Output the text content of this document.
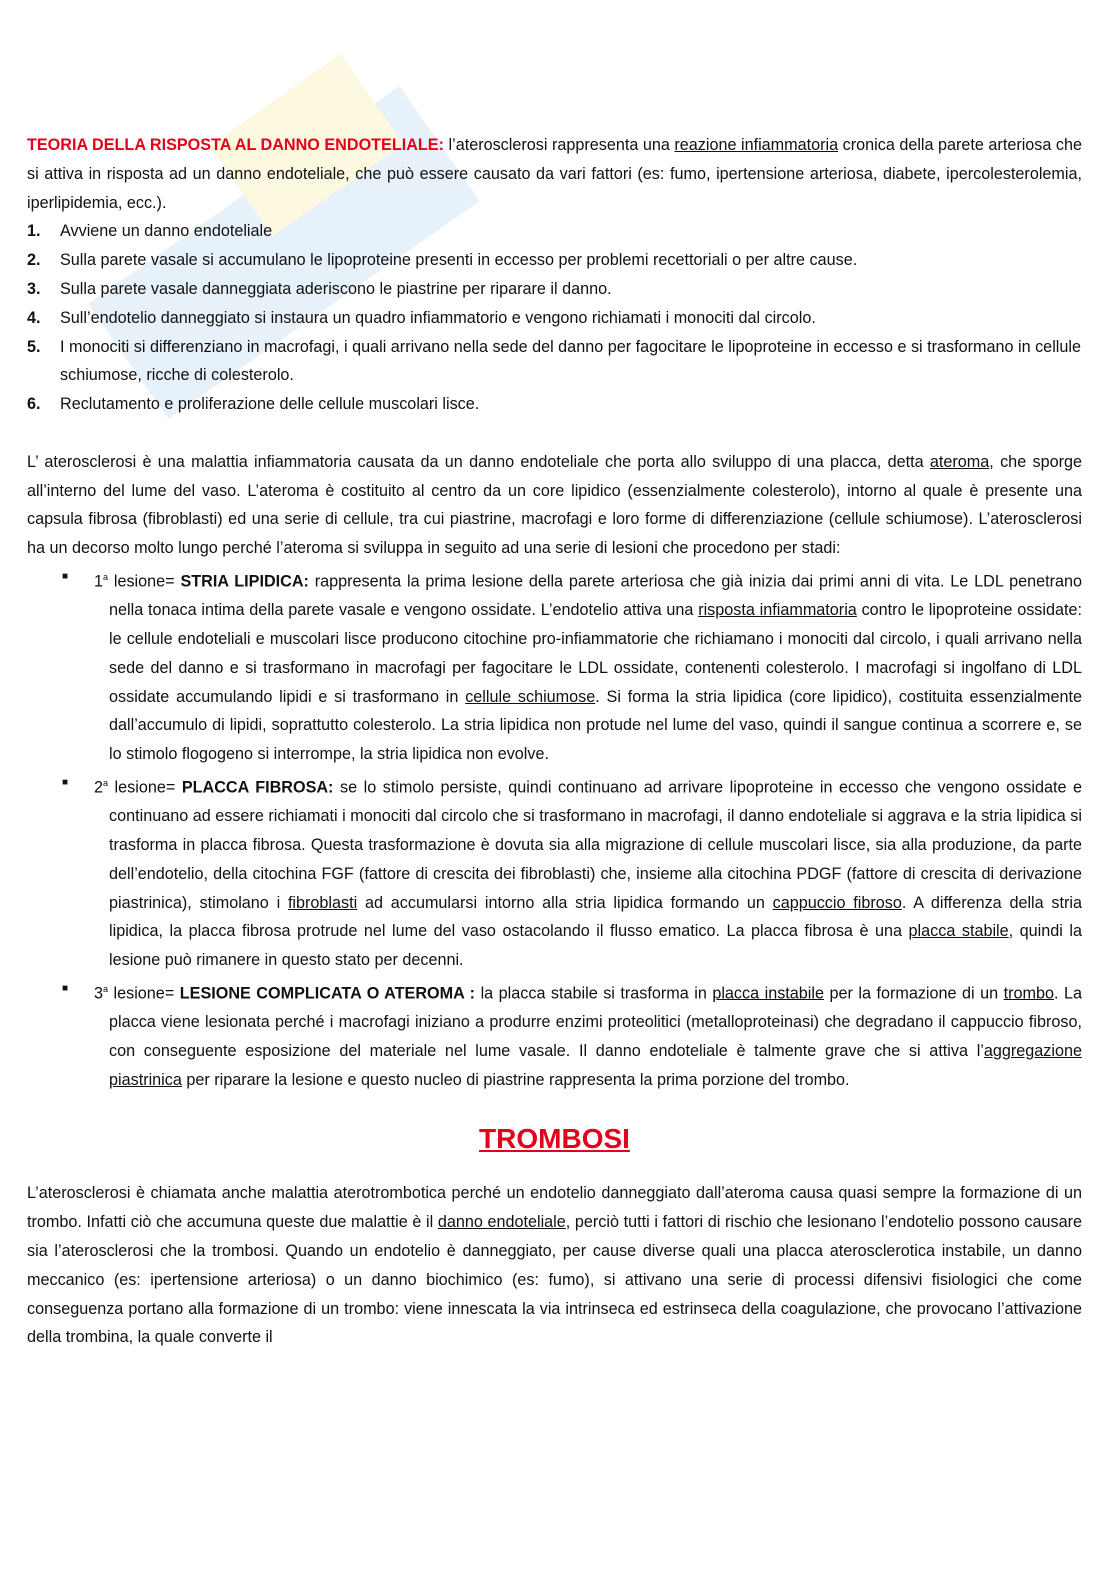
TEORIA DELLA RISPOSTA AL DANNO ENDOTELIALE: l’aterosclerosi rappresenta una reazione infiammatoria cronica della parete arteriosa che si attiva in risposta ad un danno endoteliale, che può essere causato da vari fattori (es: fumo, ipertensione arteriosa, diabete, ipercolesterolemia, iperlipidemia, ecc.).

1. Avviene un danno endoteliale
2. Sulla parete vasale si accumulano le lipoproteine presenti in eccesso per problemi recettoriali o per altre cause.
3. Sulla parete vasale danneggiata aderiscono le piastrine per riparare il danno.
4. Sull’endotelio danneggiato si instaura un quadro infiammatorio e vengono richiamati i monociti dal circolo.
5. I monociti si differenziano in macrofagi, i quali arrivano nella sede del danno per fagocitare le lipoproteine in eccesso e si trasformano in cellule schiumose, ricche di colesterolo.
6. Reclutamento e proliferazione delle cellule muscolari lisce.

L’ aterosclerosi è una malattia infiammatoria causata da un danno endoteliale che porta allo sviluppo di una placca, detta ateroma, che sporge all’interno del lume del vaso. L’ateroma è costituito al centro da un core lipidico (essenzialmente colesterolo), intorno al quale è presente una capsula fibrosa (fibroblasti) ed una serie di cellule, tra cui piastrine, macrofagi e loro forme di differenziazione (cellule schiumose). L’aterosclerosi ha un decorso molto lungo perché l’ateroma si sviluppa in seguito ad una serie di lesioni che procedono per stadi:

■ 1$^a$ lesione= STRIA LIPIDICA: rappresenta la prima lesione della parete arteriosa che già inizia dai primi anni di vita. Le LDL penetrano nella tonaca intima della parete vasale e vengono ossidate. L’endotelio attiva una risposta infiammatoria contro le lipoproteine ossidate: le cellule endoteliali e muscolari lisce producono citochine pro-infiammatorie che richiamano i monociti dal circolo, i quali arrivano nella sede del danno e si trasformano in macrofagi per fagocitare le LDL ossidate, contenenti colesterolo. I macrofagi si ingolfano di LDL ossidate accumulando lipidi e si trasformano in cellule schiumose. Si forma la stria lipidica (core lipidico), costituita essenzialmente dall’accumulo di lipidi, soprattutto colesterolo. La stria lipidica non protude nel lume del vaso, quindi il sangue continua a scorrere e, se lo stimolo flogogeno si interrompe, la stria lipidica non evolve.
■ 2$^a$ lesione= PLACCA FIBROSA: se lo stimolo persiste, quindi continuano ad arrivare lipoproteine in eccesso che vengono ossidate e continuano ad essere richiamati i monociti dal circolo che si trasformano in macrofagi, il danno endoteliale si aggrava e la stria lipidica si trasforma in placca fibrosa. Questa trasformazione è dovuta sia alla migrazione di cellule muscolari lisce, sia alla produzione, da parte dell’endotelio, della citochina FGF (fattore di crescita dei fibroblasti) che, insieme alla citochina PDGF (fattore di crescita di derivazione piastrinica), stimolano i fibroblasti ad accumularsi intorno alla stria lipidica formando un cappuccio fibroso. A differenza della stria lipidica, la placca fibrosa protrude nel lume del vaso ostacolando il flusso ematico. La placca fibrosa è una placca stabile, quindi la lesione può rimanere in questo stato per decenni.
■ 3$^a$ lesione= LESIONE COMPLICATA O ATEROMA : la placca stabile si trasforma in placca instabile per la formazione di un trombo. La placca viene lesionata perché i macrofagi iniziano a produrre enzimi proteolitici (metalloproteinasi) che degradano il cappuccio fibroso, con conseguente esposizione del materiale nel lume vasale. Il danno endoteliale è talmente grave che si attiva l’aggregazione piastrinica per riparare la lesione e questo nucleo di piastrine rappresenta la prima porzione del trombo.
TROMBOSI

L’aterosclerosi è chiamata anche malattia aterotrombotica perché un endotelio danneggiato dall’ateroma causa quasi sempre la formazione di un trombo. Infatti ciò che accumuna queste due malattie è il danno endoteliale, perciò tutti i fattori di rischio che lesionano l’endotelio possono causare sia l’aterosclerosi che la trombosi. Quando un endotelio è danneggiato, per cause diverse quali una placca aterosclerotica instabile, un danno meccanico (es: ipertensione arteriosa) o un danno biochimico (es: fumo), si attivano una serie di processi difensivi fisiologici che come conseguenza portano alla formazione di un trombo: viene innescata la via intrinseca ed estrinseca della coagulazione, che provocano l’attivazione della trombina, la quale converte il
